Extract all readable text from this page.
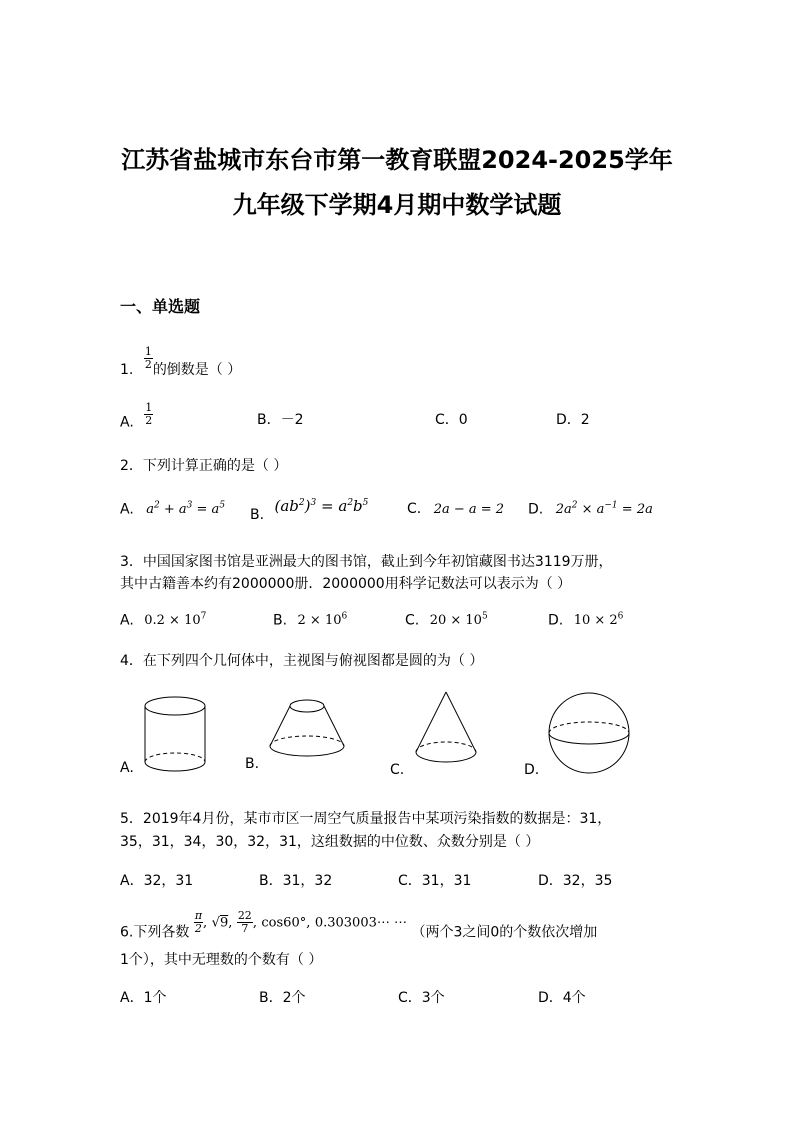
江苏省盐城市东台市第一教育联盟2024-2025学年
九年级下学期4月期中数学试题
一、单选题
1. $\frac{1}{2}$ 的倒数是（ ）
A. $\frac{1}{2}$	B．－2	C．0	D．2
2．下列计算正确的是（ ）
A. $a^2 + a^3 = a^5$
B. $(ab^2)^3 = a^2b^5$	C. 2a − a = 2 D. $2a^2 \times a^{-1} = 2a$
3．中国国家图书馆是亚洲最大的图书馆，截止到今年初馆藏图书达3119万册，
其中古籍善本约有2000000册．2000000用科学记数法可以表示为（ ）
A. $0.2 \times 10^7$	B. $2 \times 10^6$	C. $20 \times 10^5$	D. $10 \times 2^6$
4．在下列四个几何体中，主视图与俯视图都是圆的为（ ）
A.	B.	C.	D.
5．2019年4月份，某市市区一周空气质量报告中某项污染指数的数据是：31，
35，31，34，30，32，31，这组数据的中位数、众数分别是（ ）
A．32，31	B．31，32	C．31，31	D．32，35
6.下列各数 $\frac{\pi}{2}$ , √9, $\frac{22}{7}$ , cos60°, 0.303003⋯ ⋯ （两个3之间0的个数依次增加
1个），其中无理数的个数有（ ）
A．1个	B．2个	C．3个	D．4个
